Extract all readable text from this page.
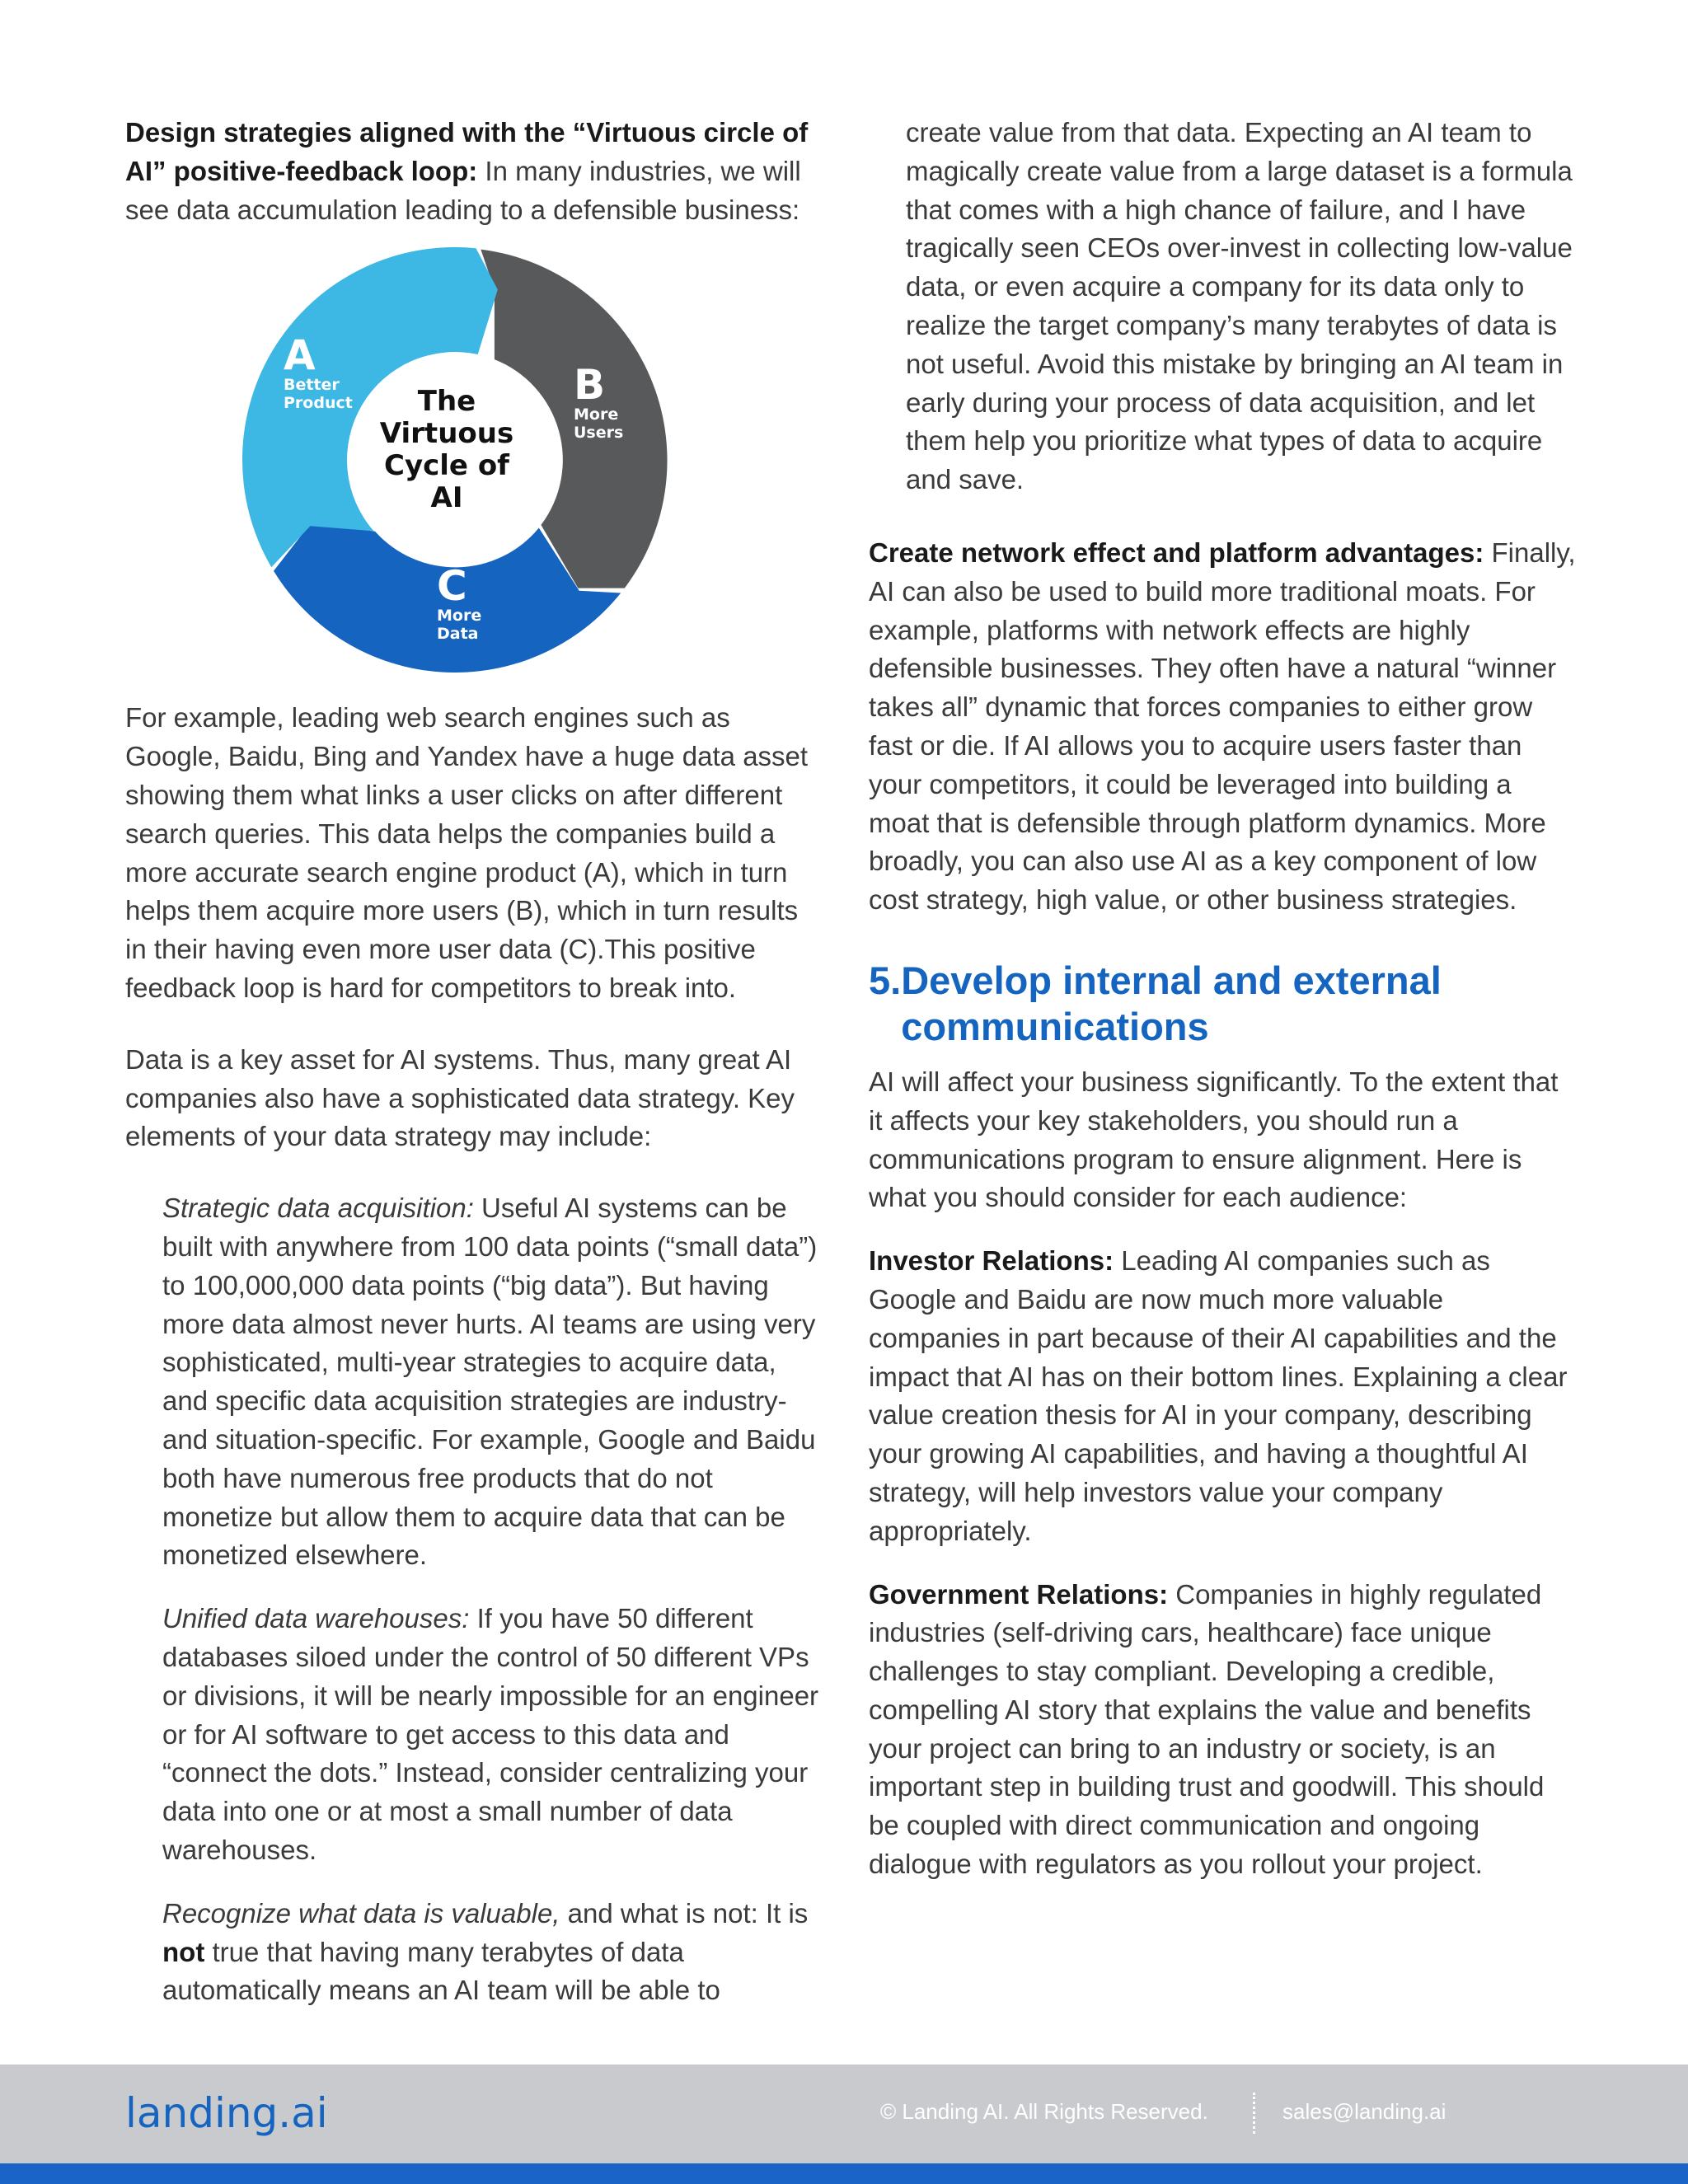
Design strategies aligned with the “Virtuous circle of AI” positive-feedback loop: In many industries, we will see data accumulation leading to a defensible business:

A
Better
Product	B
More
Users
C
More
Data
The Virtuous Cycle of AI

For example, leading web search engines such as Google, Baidu, Bing and Yandex have a huge data asset showing them what links a user clicks on after different search queries. This data helps the companies build a more accurate search engine product (A), which in turn helps them acquire more users (B), which in turn results in their having even more user data (C).This positive feedback loop is hard for competitors to break into.

Data is a key asset for AI systems. Thus, many great AI companies also have a sophisticated data strategy. Key elements of your data strategy may include:

Strategic data acquisition: Useful AI systems can be built with anywhere from 100 data points (“small data”) to 100,000,000 data points (“big data”). But having more data almost never hurts. AI teams are using very sophisticated, multi-year strategies to acquire data, and specific data acquisition strategies are industry- and situation-specific. For example, Google and Baidu both have numerous free products that do not monetize but allow them to acquire data that can be monetized elsewhere.

Unified data warehouses: If you have 50 different databases siloed under the control of 50 different VPs or divisions, it will be nearly impossible for an engineer or for AI software to get access to this data and “connect the dots.” Instead, consider centralizing your data into one or at most a small number of data warehouses.

Recognize what data is valuable, and what is not: It is not true that having many terabytes of data automatically means an AI team will be able to

create value from that data. Expecting an AI team to magically create value from a large dataset is a formula that comes with a high chance of failure, and I have tragically seen CEOs over-invest in collecting low-value data, or even acquire a company for its data only to realize the target company’s many terabytes of data is not useful. Avoid this mistake by bringing an AI team in early during your process of data acquisition, and let them help you prioritize what types of data to acquire and save.

Create network effect and platform advantages: Finally, AI can also be used to build more traditional moats. For example, platforms with network effects are highly defensible businesses. They often have a natural “winner takes all” dynamic that forces companies to either grow fast or die. If AI allows you to acquire users faster than your competitors, it could be leveraged into building a moat that is defensible through platform dynamics. More broadly, you can also use AI as a key component of low cost strategy, high value, or other business strategies.

5. Develop internal and external communications

AI will affect your business significantly. To the extent that it affects your key stakeholders, you should run a communications program to ensure alignment. Here is what you should consider for each audience:

Investor Relations: Leading AI companies such as Google and Baidu are now much more valuable companies in part because of their AI capabilities and the impact that AI has on their bottom lines. Explaining a clear value creation thesis for AI in your company, describing your growing AI capabilities, and having a thoughtful AI strategy, will help investors value your company appropriately.

Government Relations: Companies in highly regulated industries (self-driving cars, healthcare) face unique challenges to stay compliant. Developing a credible, compelling AI story that explains the value and benefits your project can bring to an industry or society, is an important step in building trust and goodwill. This should be coupled with direct communication and ongoing dialogue with regulators as you rollout your project.

landing.ai	© Landing AI. All Rights Reserved.	sales@landing.ai
